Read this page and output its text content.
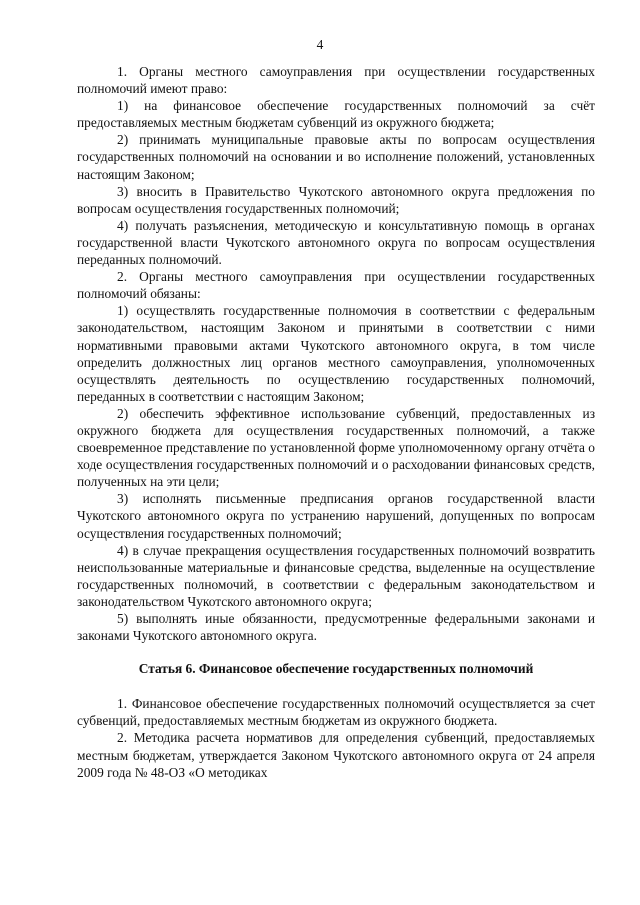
4

1. Органы местного самоуправления при осуществлении государственных полномочий имеют право:

1) на финансовое обеспечение государственных полномочий за счёт предоставляемых местным бюджетам субвенций из окружного бюджета;

2) принимать муниципальные правовые акты по вопросам осуществления государственных полномочий на основании и во исполнение положений, установленных настоящим Законом;

3) вносить в Правительство Чукотского автономного округа предложения по вопросам осуществления государственных полномочий;

4) получать разъяснения, методическую и консультативную помощь в органах государственной власти Чукотского автономного округа по вопросам осуществления переданных полномочий.

2. Органы местного самоуправления при осуществлении государственных полномочий обязаны:

1) осуществлять государственные полномочия в соответствии с федеральным законодательством, настоящим Законом и принятыми в соответствии с ними нормативными правовыми актами Чукотского автономного округа, в том числе определить должностных лиц органов местного самоуправления, уполномоченных осуществлять деятельность по осуществлению государственных полномочий, переданных в соответствии с настоящим Законом;

2) обеспечить эффективное использование субвенций, предоставленных из окружного бюджета для осуществления государственных полномочий, а также своевременное представление по установленной форме уполномоченному органу отчёта о ходе осуществления государственных полномочий и о расходовании финансовых средств, полученных на эти цели;

3) исполнять письменные предписания органов государственной власти Чукотского автономного округа по устранению нарушений, допущенных по вопросам осуществления государственных полномочий;

4) в случае прекращения осуществления государственных полномочий возвратить неиспользованные материальные и финансовые средства, выделенные на осуществление государственных полномочий, в соответствии с федеральным законодательством и законодательством Чукотского автономного округа;

5) выполнять иные обязанности, предусмотренные федеральными законами и законами Чукотского автономного округа.

Статья 6. Финансовое обеспечение государственных полномочий

1. Финансовое обеспечение государственных полномочий осуществляется за счет субвенций, предоставляемых местным бюджетам из окружного бюджета.

2. Методика расчета нормативов для определения субвенций, предоставляемых местным бюджетам, утверждается Законом Чукотского автономного округа от 24 апреля 2009 года № 48-ОЗ «О методиках
